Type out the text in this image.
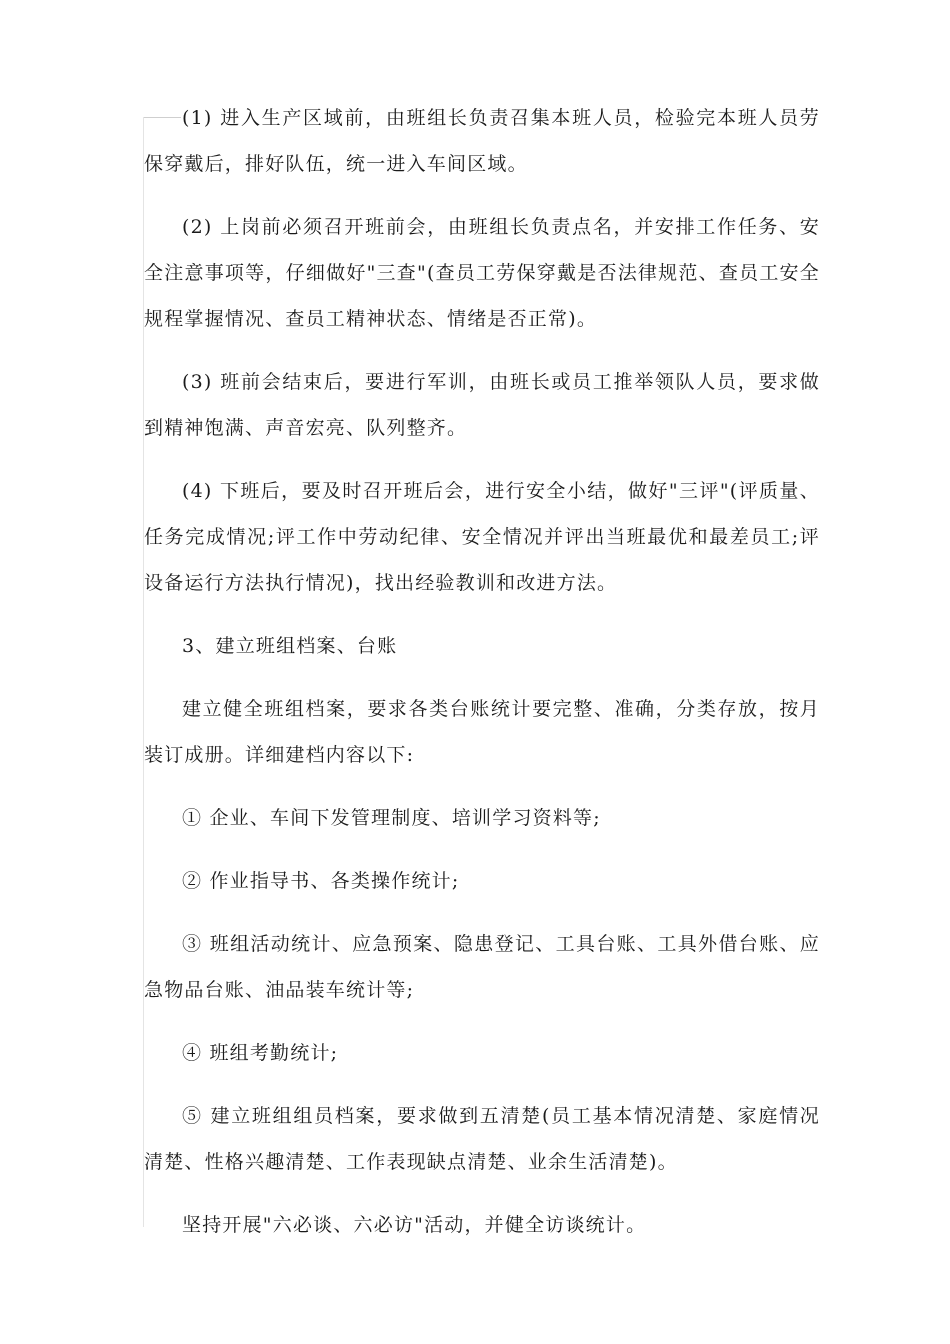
(1) 进入生产区域前，由班组长负责召集本班人员，检验完本班人员劳保穿戴后，排好队伍，统一进入车间区域。

(2) 上岗前必须召开班前会，由班组长负责点名，并安排工作任务、安全注意事项等，仔细做好"三查"(查员工劳保穿戴是否法律规范、查员工安全规程掌握情况、查员工精神状态、情绪是否正常)。

(3) 班前会结束后，要进行军训，由班长或员工推举领队人员，要求做到精神饱满、声音宏亮、队列整齐。

(4) 下班后，要及时召开班后会，进行安全小结，做好"三评"(评质量、任务完成情况;评工作中劳动纪律、安全情况并评出当班最优和最差员工;评设备运行方法执行情况)，找出经验教训和改进方法。

3、建立班组档案、台账

建立健全班组档案，要求各类台账统计要完整、准确，分类存放，按月装订成册。详细建档内容以下:

① 企业、车间下发管理制度、培训学习资料等;

② 作业指导书、各类操作统计;

③ 班组活动统计、应急预案、隐患登记、工具台账、工具外借台账、应急物品台账、油品装车统计等;

④ 班组考勤统计;

⑤ 建立班组组员档案，要求做到五清楚(员工基本情况清楚、家庭情况清楚、性格兴趣清楚、工作表现缺点清楚、业余生活清楚)。

坚持开展"六必谈、六必访"活动，并健全访谈统计。
